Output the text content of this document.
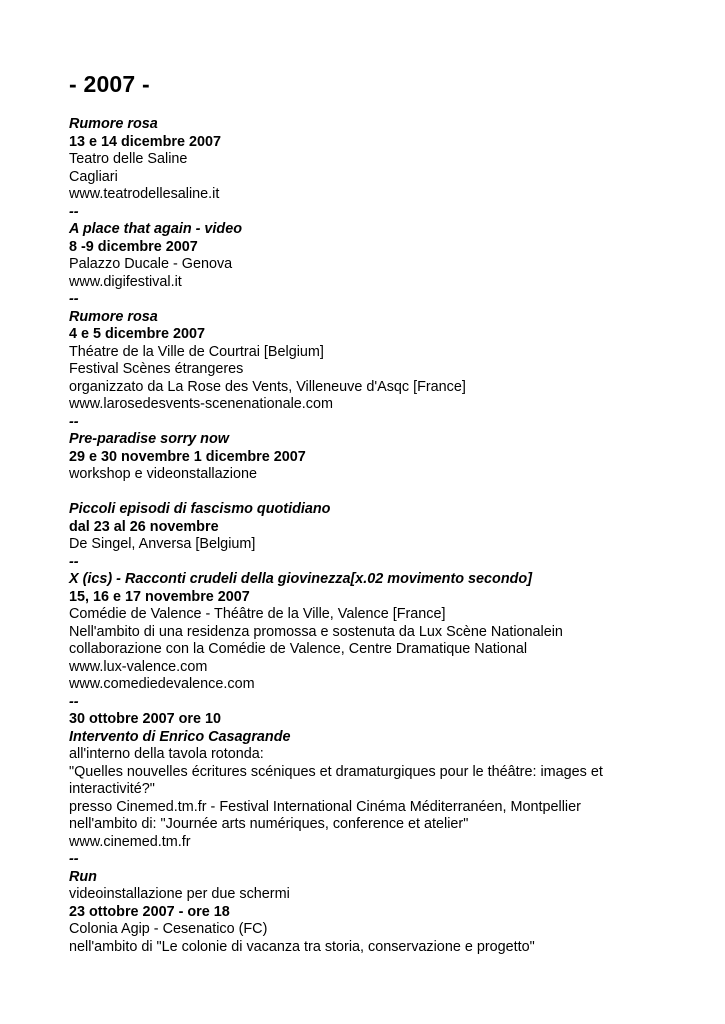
- 2007 -
Rumore rosa
13 e 14 dicembre 2007
Teatro delle Saline
Cagliari
www.teatrodellesaline.it
--
A place that again - video
8 -9 dicembre 2007
Palazzo Ducale - Genova
www.digifestival.it
--
Rumore rosa
4 e 5 dicembre 2007
Théatre de la Ville de Courtrai [Belgium]
Festival Scènes étrangeres
organizzato da La Rose des Vents, Villeneuve d'Asqc [France]
www.larosedesvents-scenenationale.com
--
Pre-paradise sorry now
29 e 30 novembre 1 dicembre 2007
workshop e videonstallazione
Piccoli episodi di fascismo quotidiano
dal 23 al 26 novembre
De Singel, Anversa [Belgium]
--
X (ics) - Racconti crudeli della giovinezza[x.02 movimento secondo]
15, 16 e 17 novembre 2007
Comédie de Valence - Théâtre de la Ville, Valence [France]
Nell'ambito di una residenza promossa e sostenuta da Lux Scène Nationalein
collaborazione con la Comédie de Valence, Centre Dramatique National
www.lux-valence.com
www.comediedevalence.com
--
30 ottobre 2007 ore 10
Intervento di Enrico Casagrande
all'interno della tavola rotonda:
"Quelles nouvelles écritures scéniques et dramaturgiques pour le théâtre: images et
interactivité?"
presso Cinemed.tm.fr - Festival International Cinéma Méditerranéen, Montpellier
nell'ambito di: "Journée arts numériques, conference et atelier"
www.cinemed.tm.fr
--
Run
videoinstallazione per due schermi
23 ottobre 2007 - ore 18
Colonia Agip - Cesenatico (FC)
nell'ambito di "Le colonie di vacanza tra storia, conservazione e progetto"
